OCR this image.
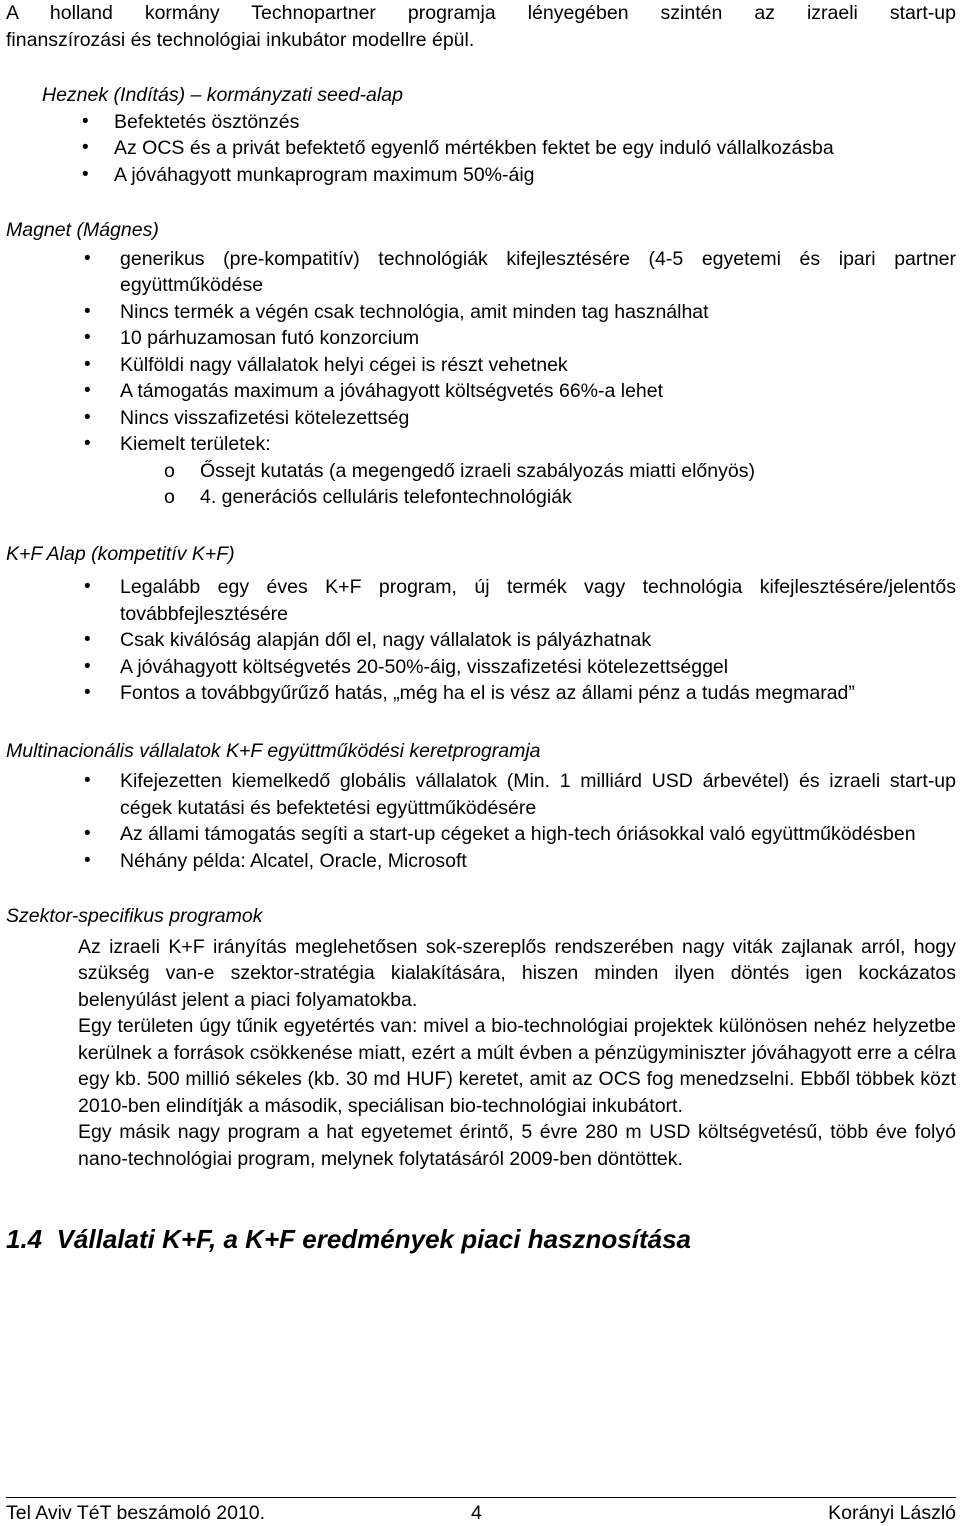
A holland kormány Technopartner programja lényegében szintén az izraeli start-up

finanszírozási és technológiai inkubátor modellre épül.

Heznek (Indítás) – kormányzati seed-alap

• Befektetés ösztönzés
• Az OCS és a privát befektető egyenlő mértékben fektet be egy induló vállalkozásba
• A jóváhagyott munkaprogram maximum 50%-áig

Magnet (Mágnes)

• generikus (pre-kompatitív) technológiák kifejlesztésére (4-5 egyetemi és ipari partner együttműködése
• Nincs termék a végén csak technológia, amit minden tag használhat
• 10 párhuzamosan futó konzorcium
• Külföldi nagy vállalatok helyi cégei is részt vehetnek
• A támogatás maximum a jóváhagyott költségvetés 66%-a lehet
• Nincs visszafizetési kötelezettség
• Kiemelt területek:
o Őssejt kutatás (a megengedő izraeli szabályozás miatti előnyös)
o 4. generációs celluláris telefontechnológiák

K+F Alap (kompetitív K+F)

• Legalább egy éves K+F program, új termék vagy technológia kifejlesztésére/jelentős továbbfejlesztésére
• Csak kiválóság alapján dől el, nagy vállalatok is pályázhatnak
• A jóváhagyott költségvetés 20-50%-áig, visszafizetési kötelezettséggel
• Fontos a továbbgyűrűző hatás, „még ha el is vész az állami pénz a tudás megmarad”

Multinacionális vállalatok K+F együttműködési keretprogramja

• Kifejezetten kiemelkedő globális vállalatok (Min. 1 milliárd USD árbevétel) és izraeli start-up cégek kutatási és befektetési együttműködésére
• Az állami támogatás segíti a start-up cégeket a high-tech óriásokkal való együttműködésben
• Néhány példa: Alcatel, Oracle, Microsoft

Szektor-specifikus programok

Az izraeli K+F irányítás meglehetősen sok-szereplős rendszerében nagy viták zajlanak arról, hogy szükség van-e szektor-stratégia kialakítására, hiszen minden ilyen döntés igen kockázatos belenyúlást jelent a piaci folyamatokba.

Egy területen úgy tűnik egyetértés van: mivel a bio-technológiai projektek különösen nehéz helyzetbe kerülnek a források csökkenése miatt, ezért a múlt évben a pénzügyminiszter jóváhagyott erre a célra egy kb. 500 millió sékeles (kb. 30 md HUF) keretet, amit az OCS fog menedzselni. Ebből többek közt 2010-ben elindítják a második, speciálisan bio-technológiai inkubátort.

Egy másik nagy program a hat egyetemet érintő, 5 évre 280 m USD költségvetésű, több éve folyó nano-technológiai program, melynek folytatásáról 2009-ben döntöttek.

1.4  Vállalati K+F, a K+F eredmények piaci hasznosítása

Tel Aviv TéT beszámoló 2010.	4	Korányi László
